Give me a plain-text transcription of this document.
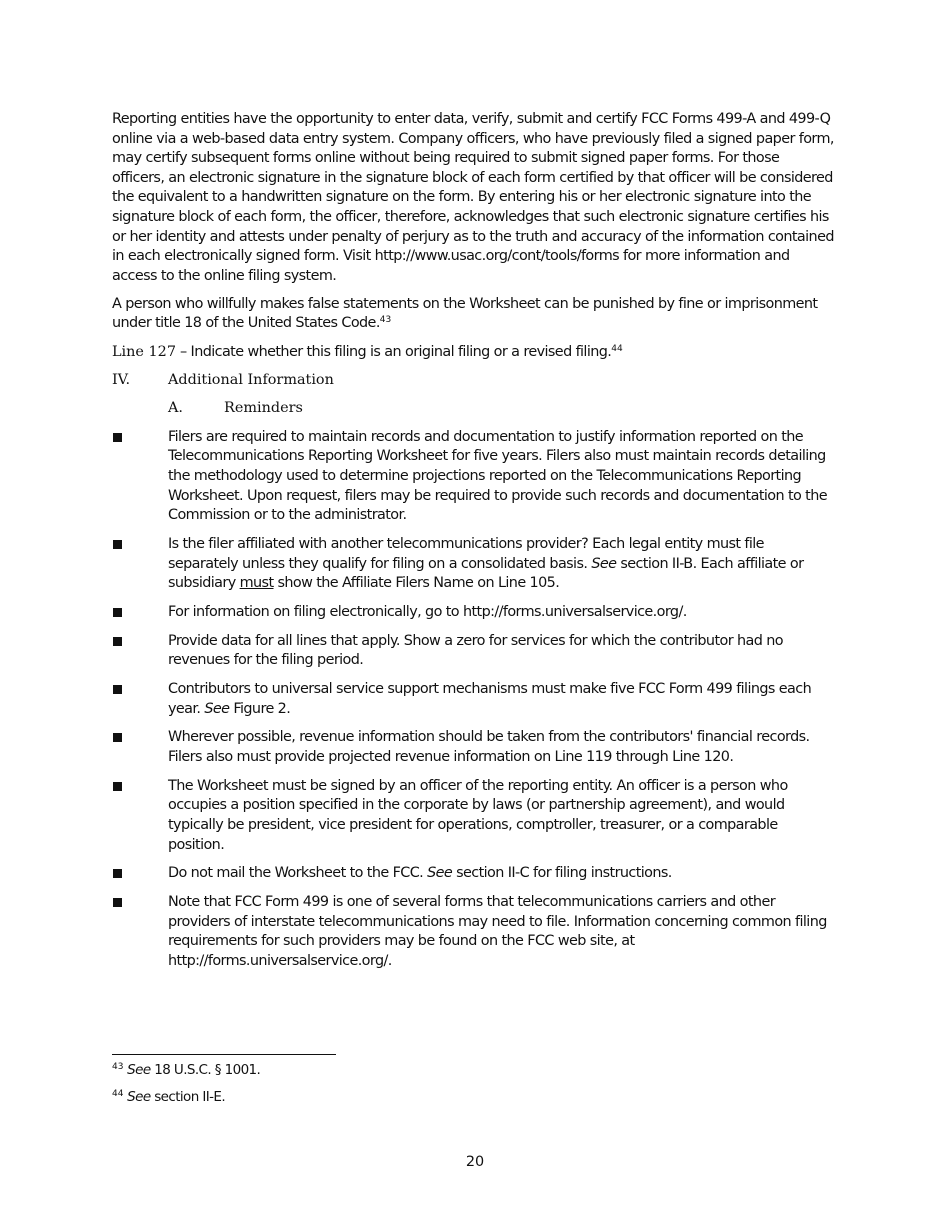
Reporting entities have the opportunity to enter data, verify, submit and certify FCC Forms 499-A and 499-Q online via a web-based data entry system. Company officers, who have previously filed a signed paper form, may certify subsequent forms online without being required to submit signed paper forms. For those officers, an electronic signature in the signature block of each form certified by that officer will be considered the equivalent to a handwritten signature on the form. By entering his or her electronic signature into the signature block of each form, the officer, therefore, acknowledges that such electronic signature certifies his or her identity and attests under penalty of perjury as to the truth and accuracy of the information contained in each electronically signed form. Visit http://www.usac.org/cont/tools/forms for more information and access to the online filing system.

A person who willfully makes false statements on the Worksheet can be punished by fine or imprisonment under title 18 of the United States Code.$^{43}$

Line 127 – Indicate whether this filing is an original filing or a revised filing.$^{44}$

IV.	Additional Information
A.	Reminders
Filers are required to maintain records and documentation to justify information reported on the Telecommunications Reporting Worksheet for five years. Filers also must maintain records detailing the methodology used to determine projections reported on the Telecommunications Reporting Worksheet. Upon request, filers may be required to provide such records and documentation to the Commission or to the administrator.
Is the filer affiliated with another telecommunications provider? Each legal entity must file separately unless they qualify for filing on a consolidated basis. See section II-B. Each affiliate or subsidiary must show the Affiliate Filers Name on Line 105.
For information on filing electronically, go to http://forms.universalservice.org/.
Provide data for all lines that apply. Show a zero for services for which the contributor had no revenues for the filing period.
Contributors to universal service support mechanisms must make five FCC Form 499 filings each year. See Figure 2.
Wherever possible, revenue information should be taken from the contributors' financial records. Filers also must provide projected revenue information on Line 119 through Line 120.
The Worksheet must be signed by an officer of the reporting entity. An officer is a person who occupies a position specified in the corporate by laws (or partnership agreement), and would typically be president, vice president for operations, comptroller, treasurer, or a comparable position.
Do not mail the Worksheet to the FCC. See section II-C for filing instructions.
Note that FCC Form 499 is one of several forms that telecommunications carriers and other providers of interstate telecommunications may need to file. Information concerning common filing requirements for such providers may be found on the FCC web site, at http://forms.universalservice.org/.

$^{43}$ See 18 U.S.C. § 1001.

$^{44}$ See section II-E.

20
